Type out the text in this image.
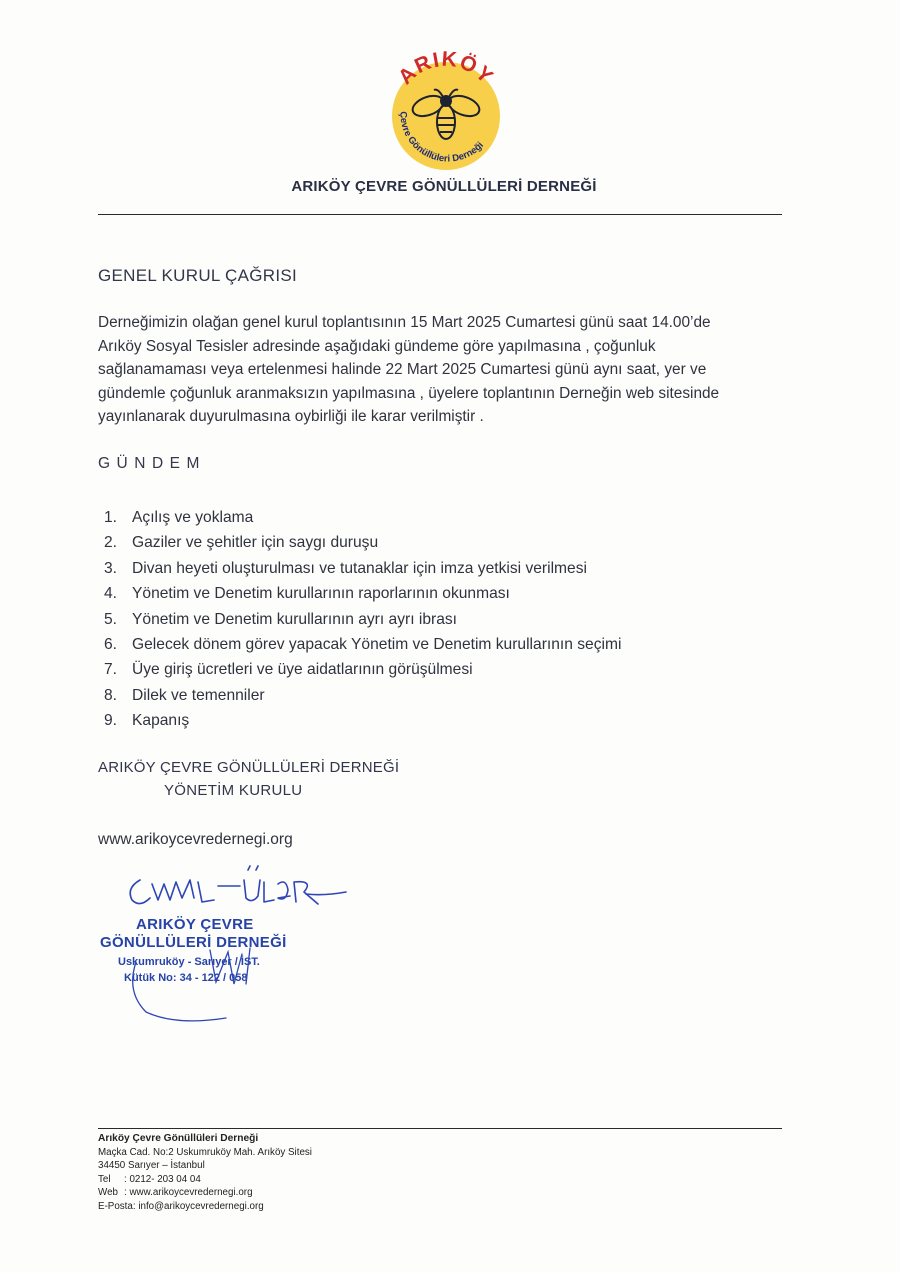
ARIKÖY
Çevre Gönüllüleri Derneği
ARIKÖY ÇEVRE GÖNÜLLÜLERİ DERNEĞİ
GENEL KURUL ÇAĞRISI

Derneğimizin olağan genel kurul toplantısının 15 Mart 2025 Cumartesi günü saat 14.00’de
Arıköy Sosyal Tesisler adresinde aşağıdaki gündeme göre yapılmasına , çoğunluk
sağlanamaması veya ertelenmesi halinde 22 Mart 2025 Cumartesi günü aynı saat, yer ve
gündemle çoğunluk aranmaksızın yapılmasına , üyelere toplantının Derneğin web sitesinde
yayınlanarak duyurulmasına oybirliği ile karar verilmiştir .

GÜNDEM
1. Açılış ve yoklama
2. Gaziler ve şehitler için saygı duruşu
3. Divan heyeti oluşturulması ve tutanaklar için imza yetkisi verilmesi
4. Yönetim ve Denetim kurullarının raporlarının okunması
5. Yönetim ve Denetim kurullarının ayrı ayrı ibrası
6. Gelecek dönem görev yapacak Yönetim ve Denetim kurullarının seçimi
7. Üye giriş ücretleri ve üye aidatlarının görüşülmesi
8. Dilek ve temenniler
9. Kapanış
ARIKÖY ÇEVRE GÖNÜLLÜLERİ DERNEĞİ
YÖNETİM KURULU
www.arikoycevredernegi.org
ARIKÖY ÇEVRE
GÖNÜLLÜLERİ DERNEĞİ
Uskumruköy - Sarıyer / İST.
Kütük No: 34 - 122 / 058
Arıköy Çevre Gönüllüleri Derneği
Maçka Cad. No:2 Uskumruköy Mah. Arıköy Sitesi
34450 Sarıyer – İstanbul
Tel : 0212- 203 04 04
Web : www.arikoycevredernegi.org
E-Posta: info@arikoycevredernegi.org
